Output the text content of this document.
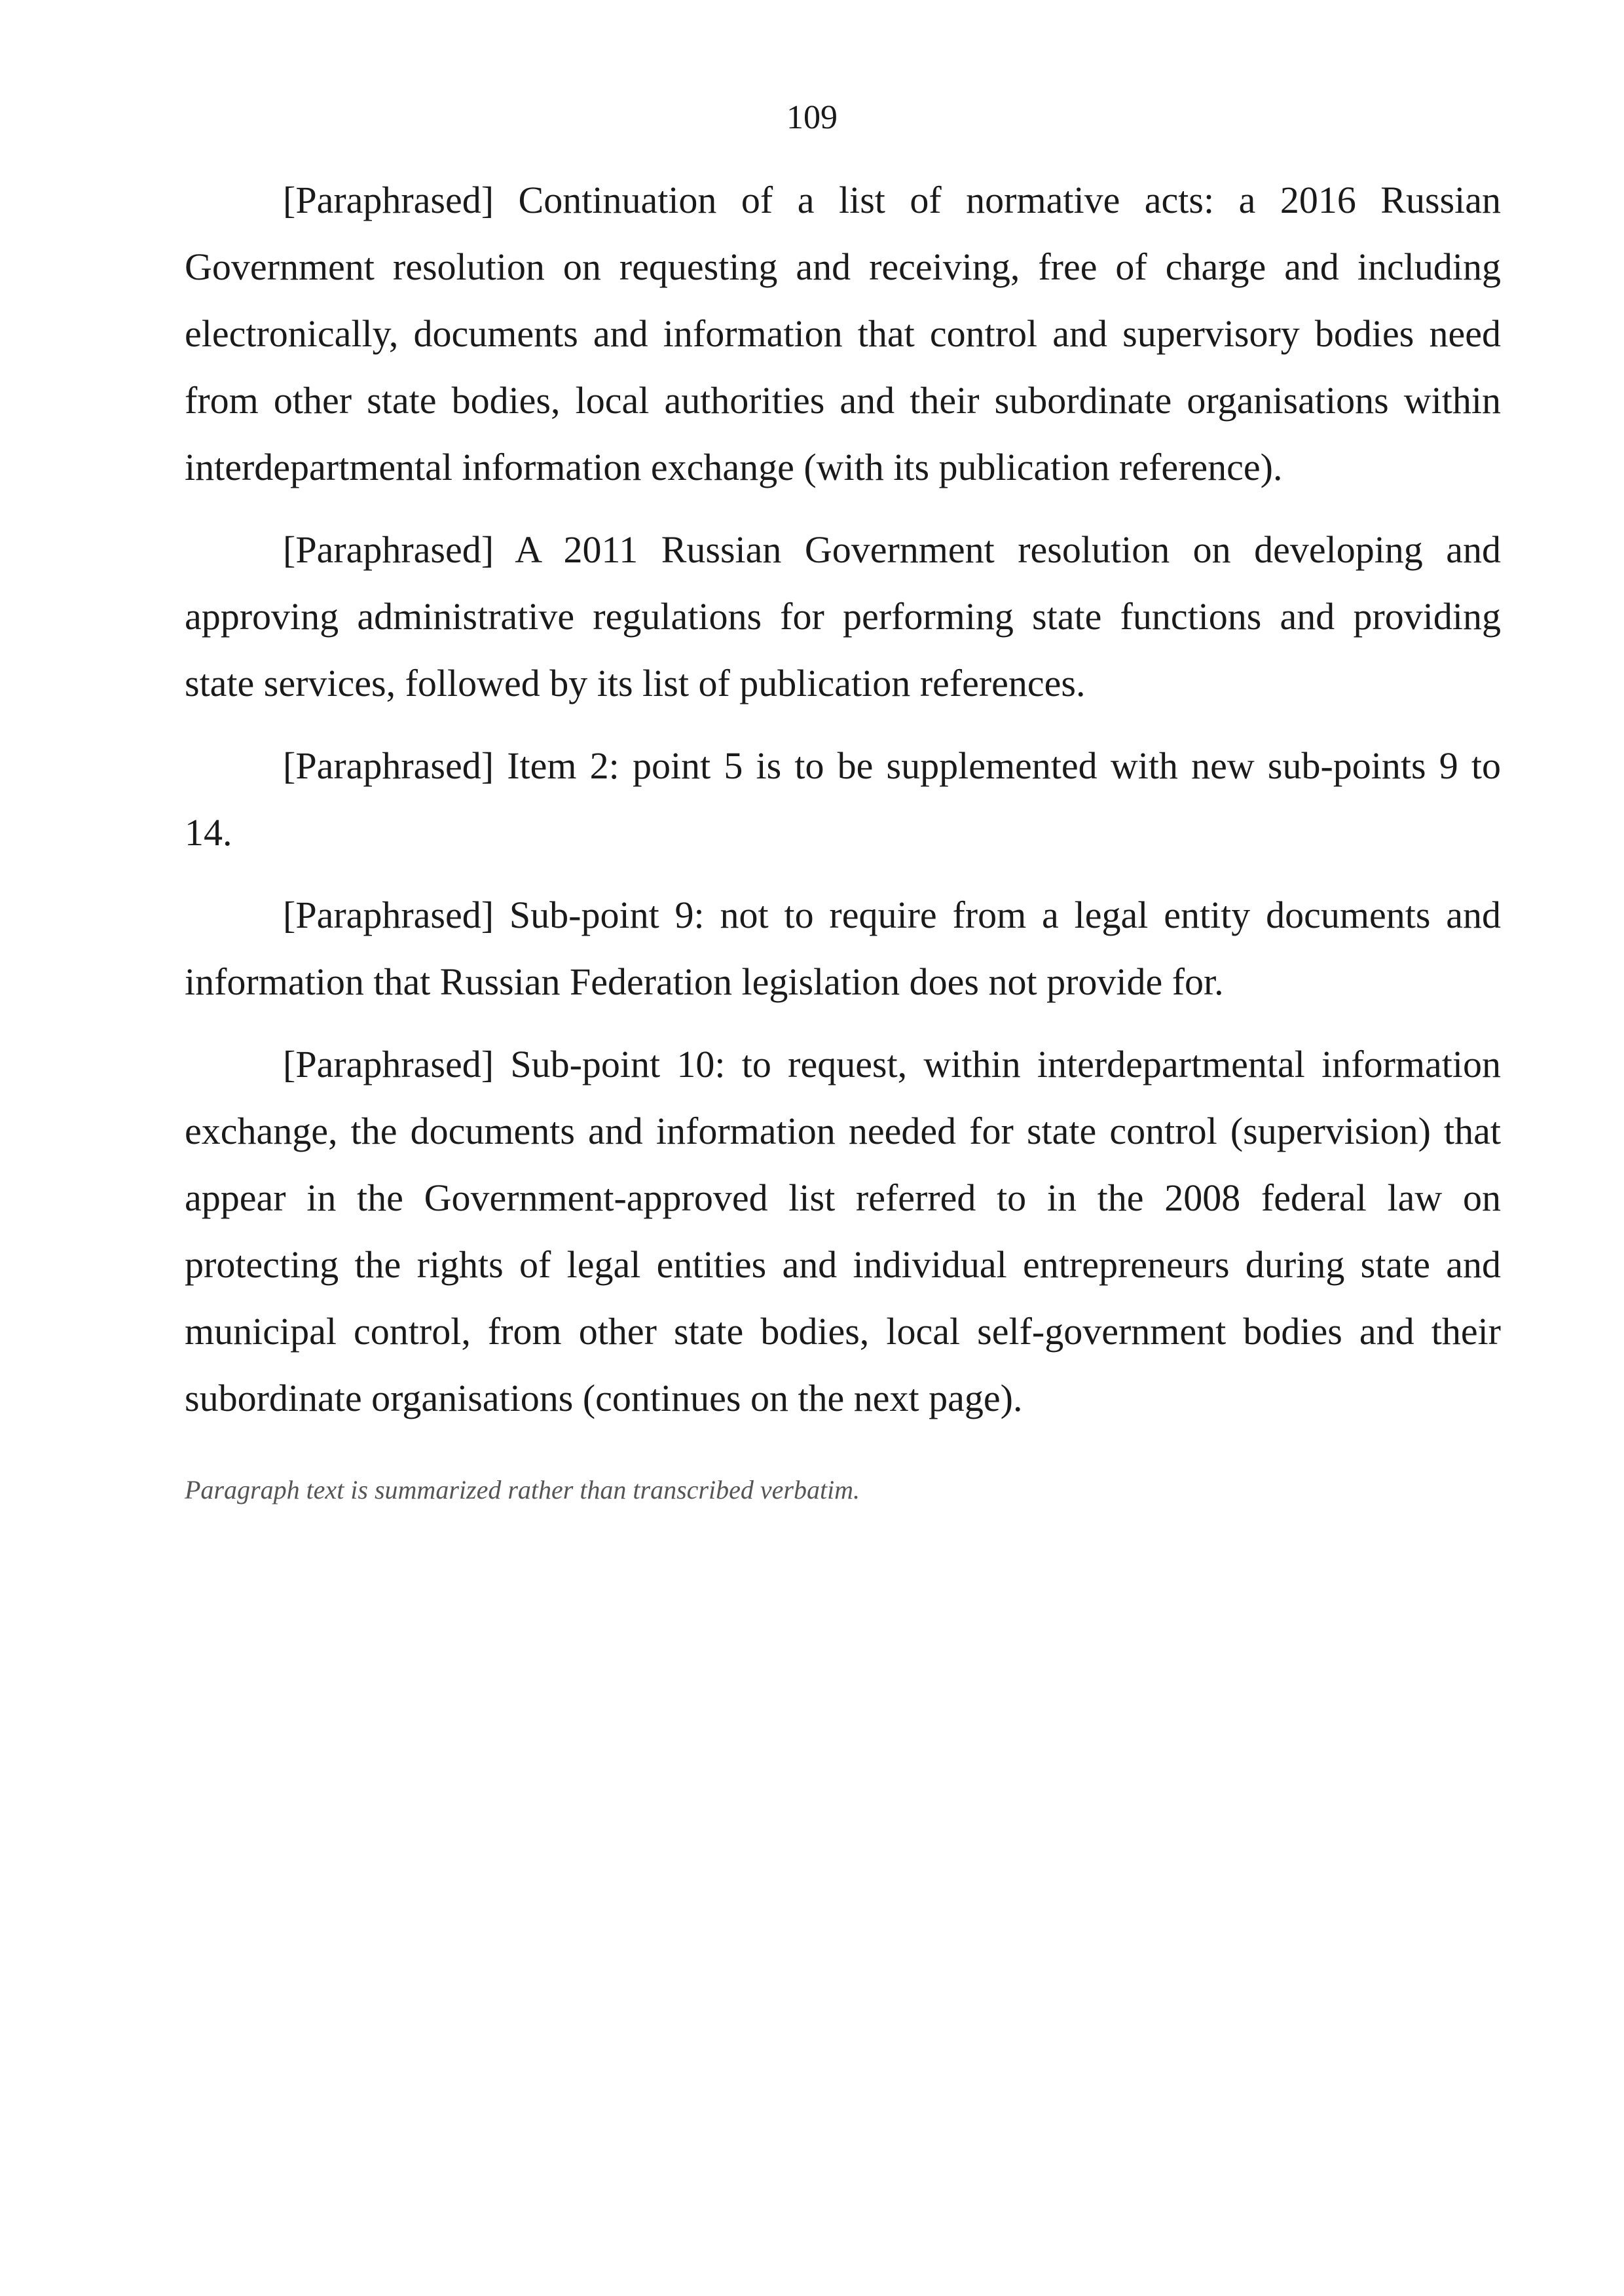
109

[Paraphrased] Continuation of a list of normative acts: a 2016 Russian Government resolution on requesting and receiving, free of charge and including electronically, documents and information that control and supervisory bodies need from other state bodies, local authorities and their subordinate organisations within interdepartmental information exchange (with its publication reference).

[Paraphrased] A 2011 Russian Government resolution on developing and approving administrative regulations for performing state functions and providing state services, followed by its list of publication references.

[Paraphrased] Item 2: point 5 is to be supplemented with new sub-points 9 to 14.

[Paraphrased] Sub-point 9: not to require from a legal entity documents and information that Russian Federation legislation does not provide for.

[Paraphrased] Sub-point 10: to request, within interdepartmental information exchange, the documents and information needed for state control (supervision) that appear in the Government-approved list referred to in the 2008 federal law on protecting the rights of legal entities and individual entrepreneurs during state and municipal control, from other state bodies, local self-government bodies and their subordinate organisations (continues on the next page).

Paragraph text is summarized rather than transcribed verbatim.
